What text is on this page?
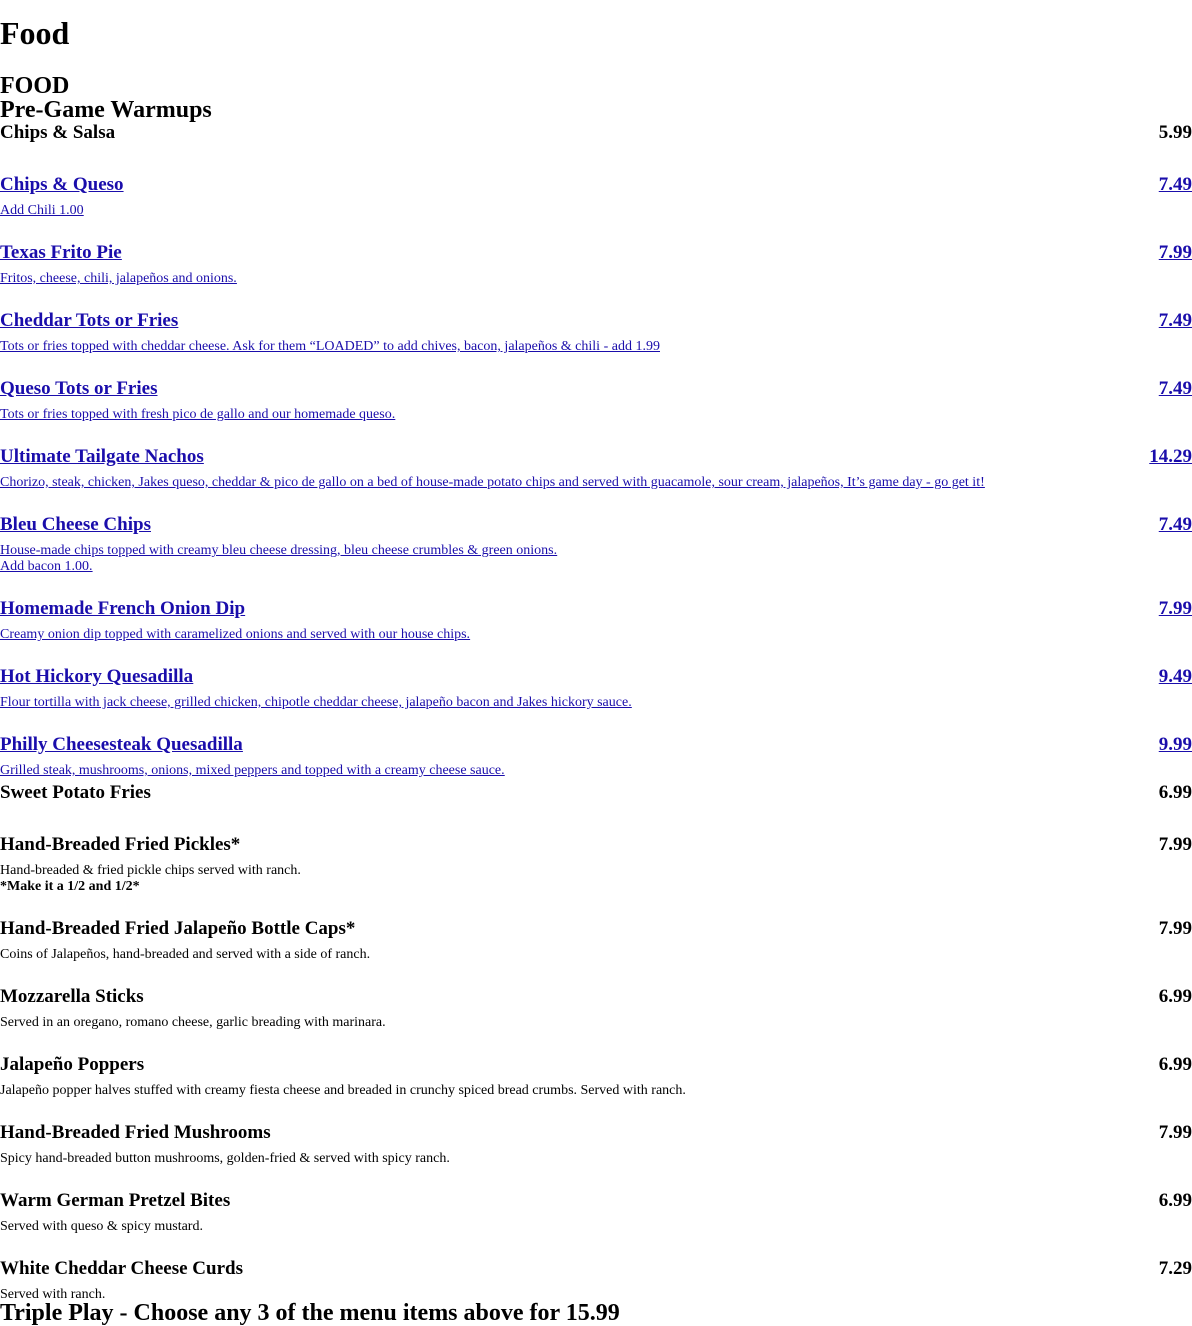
Food
FOOD
Pre-Game Warmups
Chips & Salsa	5.99
Chips & Queso	7.49
Add Chili 1.00
Texas Frito Pie	7.99
Fritos, cheese, chili, jalapeños and onions.
Cheddar Tots or Fries	7.49
Tots or fries topped with cheddar cheese. Ask for them “LOADED” to add chives, bacon, jalapeños & chili - add 1.99
Queso Tots or Fries	7.49
Tots or fries topped with fresh pico de gallo and our homemade queso.
Ultimate Tailgate Nachos	14.29
Chorizo, steak, chicken, Jakes queso, cheddar & pico de gallo on a bed of house-made potato chips and served with guacamole, sour cream, jalapeños, It’s game day - go get it!
Bleu Cheese Chips	7.49
House-made chips topped with creamy bleu cheese dressing, bleu cheese crumbles & green onions.
Add bacon 1.00.
Homemade French Onion Dip	7.99
Creamy onion dip topped with caramelized onions and served with our house chips.
Hot Hickory Quesadilla	9.49
Flour tortilla with jack cheese, grilled chicken, chipotle cheddar cheese, jalapeño bacon and Jakes hickory sauce.
Philly Cheesesteak Quesadilla	9.99
Grilled steak, mushrooms, onions, mixed peppers and topped with a creamy cheese sauce.
Sweet Potato Fries	6.99
Hand-Breaded Fried Pickles*	7.99
Hand-breaded & fried pickle chips served with ranch.
*Make it a 1/2 and 1/2*
Hand-Breaded Fried Jalapeño Bottle Caps*	7.99
Coins of Jalapeños, hand-breaded and served with a side of ranch.
Mozzarella Sticks	6.99
Served in an oregano, romano cheese, garlic breading with marinara.
Jalapeño Poppers	6.99
Jalapeño popper halves stuffed with creamy fiesta cheese and breaded in crunchy spiced bread crumbs. Served with ranch.
Hand-Breaded Fried Mushrooms	7.99
Spicy hand-breaded button mushrooms, golden-fried & served with spicy ranch.
Warm German Pretzel Bites	6.99
Served with queso & spicy mustard.
White Cheddar Cheese Curds	7.29
Served with ranch.
Triple Play - Choose any 3 of the menu items above for 15.99
